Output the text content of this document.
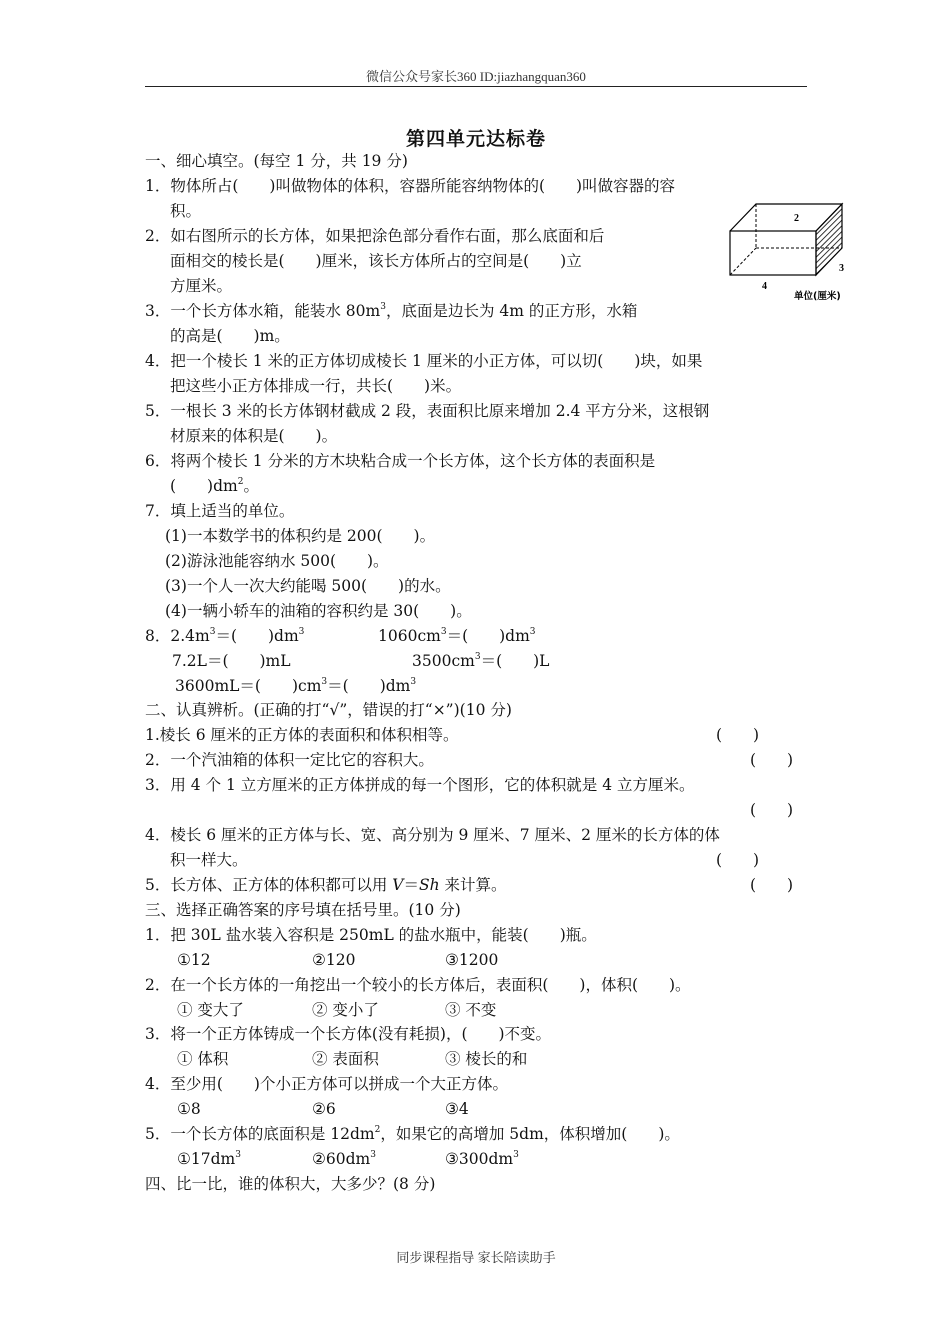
微信公众号家长360 ID:jiazhangquan360
第四单元达标卷
一、细心填空。(每空 1 分，共 19 分)
1．物体所占(　　)叫做物体的体积，容器所能容纳物体的(　　)叫做容器的容
积。
2．如右图所示的长方体，如果把涂色部分看作右面，那么底面和后
面相交的棱长是(　　)厘米，该长方体所占的空间是(　　)立
方厘米。
3．一个长方体水箱，能装水 $80m^3$，底面是边长为 4m 的正方形，水箱
的高是(　　)m。
2
3
4
单位(厘米)
4．把一个棱长 1 米的正方体切成棱长 1 厘米的小正方体，可以切(　　)块，如果
把这些小正方体排成一行，共长(　　)米。
5．一根长 3 米的长方体钢材截成 2 段，表面积比原来增加 2.4 平方分米，这根钢
材原来的体积是(　　)。
6．将两个棱长 1 分米的方木块粘合成一个长方体，这个长方体的表面积是
(　　)$dm^2$。
7．填上适当的单位。
(1)一本数学书的体积约是 200(　　)。
(2)游泳池能容纳水 500(　　)。
(3)一个人一次大约能喝 500(　　)的水。
(4)一辆小轿车的油箱的容积约是 30(　　)。
8．$2.4m^3=$(　　)$dm^3$	$1060cm^3=$(　　)$dm^3$
7.2L＝(　　)mL	$3500cm^3=$(　　)L
3600mL＝(　　)$cm^3=$(　　)$dm^3$
二、认真辨析。(正确的打“√”，错误的打“×”)(10 分)
1.棱长 6 厘米的正方体的表面积和体积相等。	(　　)
2．一个汽油箱的体积一定比它的容积大。	(　　)
3．用 4 个 1 立方厘米的正方体拼成的每一个图形，它的体积就是 4 立方厘米。
(　　)
4．棱长 6 厘米的正方体与长、宽、高分别为 9 厘米、7 厘米、2 厘米的长方体的体
积一样大。	(　　)
5．长方体、正方体的体积都可以用 V＝Sh 来计算。	(　　)
三、选择正确答案的序号填在括号里。(10 分)
1．把 30L 盐水装入容积是 250mL 的盐水瓶中，能装(　　)瓶。
①12	②120	③1200
2．在一个长方体的一角挖出一个较小的长方体后，表面积(　　)，体积(　　)。
① 变大了	② 变小了	③ 不变
3．将一个正方体铸成一个长方体(没有耗损)，(　　)不变。
① 体积	② 表面积	③ 棱长的和
4．至少用(　　)个小正方体可以拼成一个大正方体。
①8	②6	③4
5．一个长方体的底面积是 $12dm^2$，如果它的高增加 5dm，体积增加(　　)。
$①17dm^3$	$②60dm^3$	$③300dm^3$
四、比一比，谁的体积大，大多少？(8 分)
同步课程指导 家长陪读助手
